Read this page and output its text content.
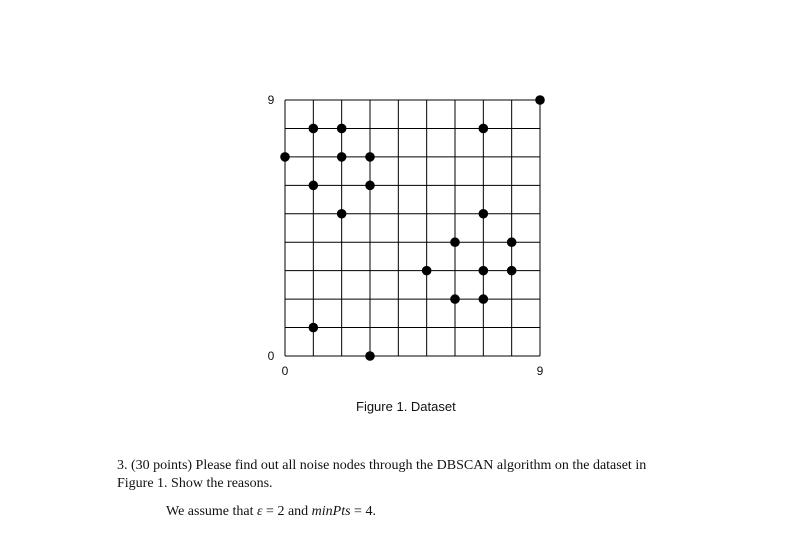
0	9
0
9
Figure 1. Dataset
3. (30 points) Please find out all noise nodes through the DBSCAN algorithm on the dataset in
Figure 1. Show the reasons.
We assume that ε = 2 and minPts = 4.
